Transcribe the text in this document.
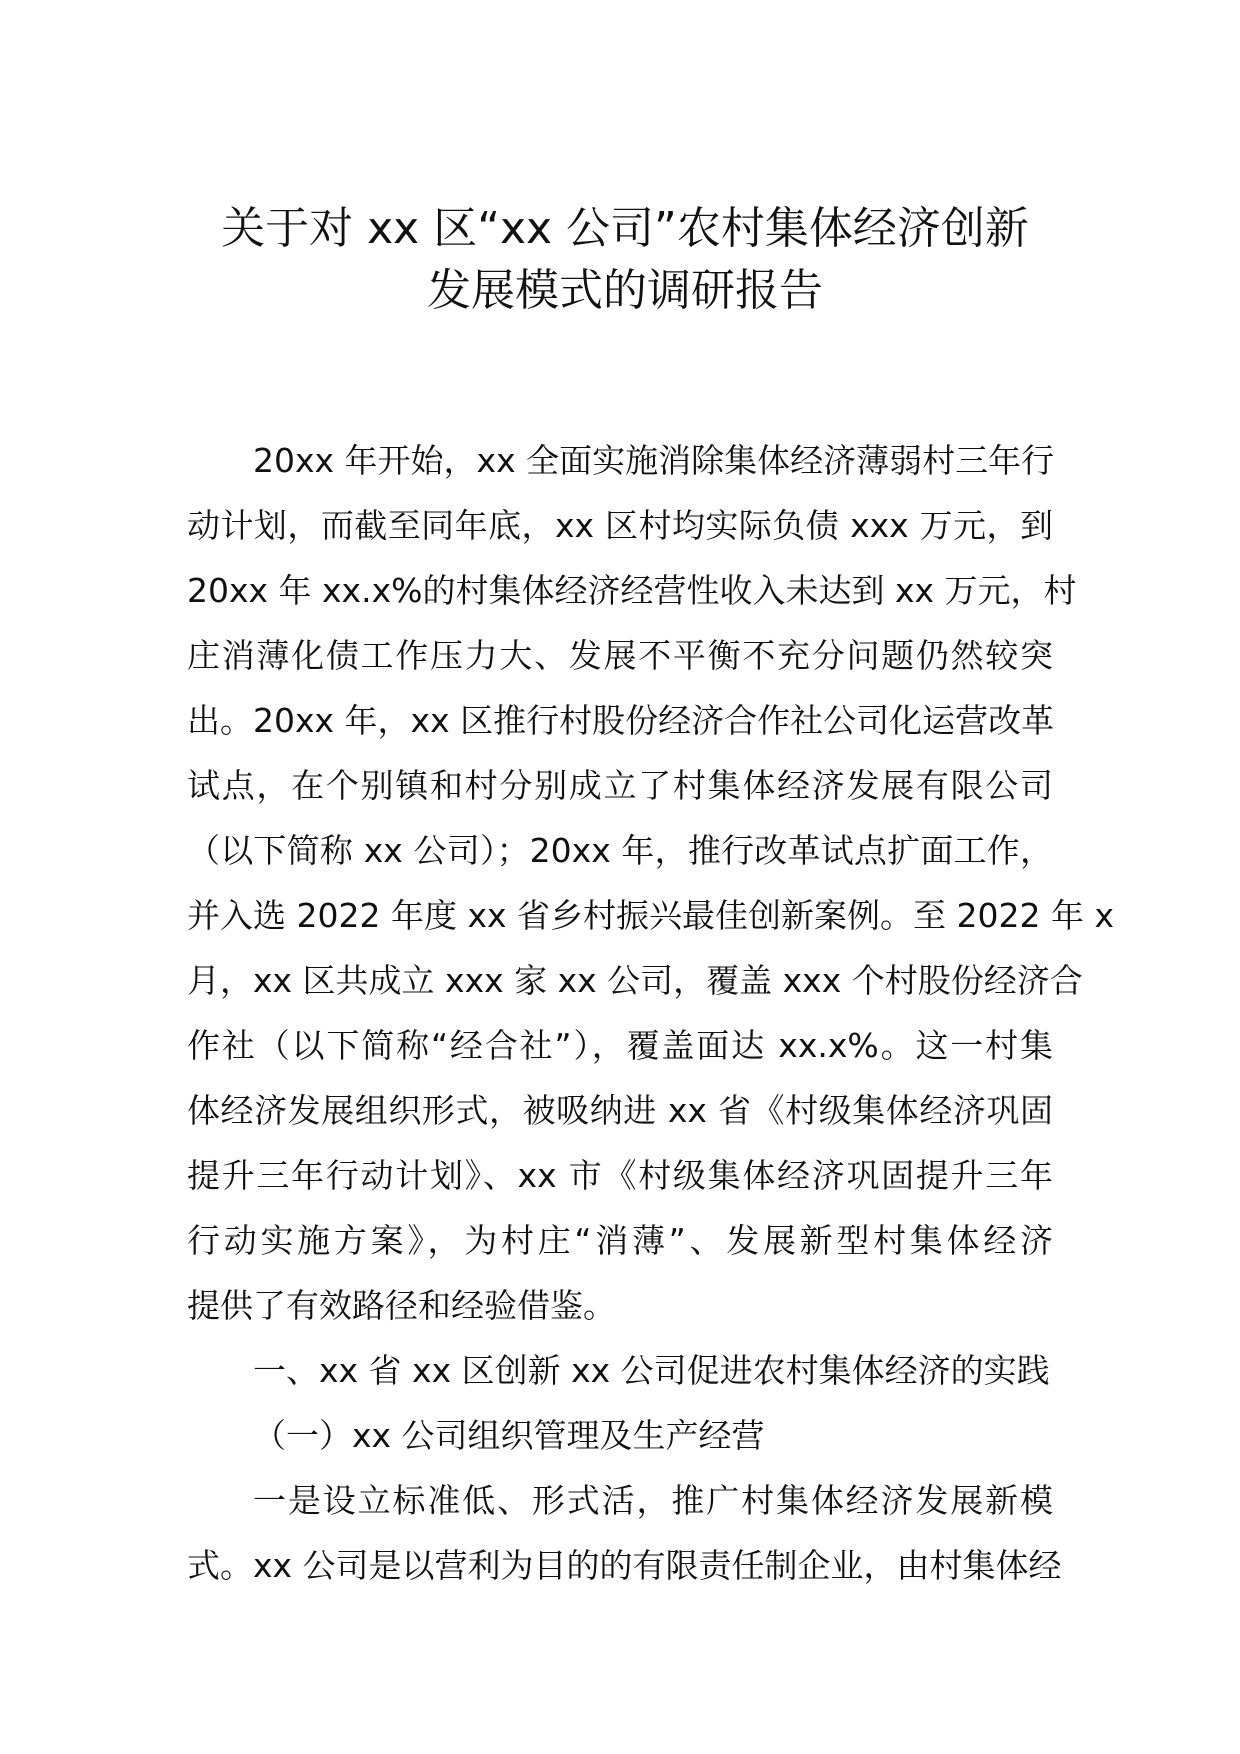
关于对 xx 区“xx 公司”农村集体经济创新
发展模式的调研报告
20xx 年开始，xx 全面实施消除集体经济薄弱村三年行
动计划，而截至同年底，xx 区村均实际负债 xxx 万元，到
20xx 年 xx.x%的村集体经济经营性收入未达到 xx 万元，村
庄消薄化债工作压力大、发展不平衡不充分问题仍然较突
出。20xx 年，xx 区推行村股份经济合作社公司化运营改革
试点，在个别镇和村分别成立了村集体经济发展有限公司
（以下简称 xx 公司）；20xx 年，推行改革试点扩面工作，
并入选 2022 年度 xx 省乡村振兴最佳创新案例。至 2022 年 x
月，xx 区共成立 xxx 家 xx 公司，覆盖 xxx 个村股份经济合
作社（以下简称“经合社”），覆盖面达 xx.x%。这一村集
体经济发展组织形式，被吸纳进 xx 省《村级集体经济巩固
提升三年行动计划》、xx 市《村级集体经济巩固提升三年
行动实施方案》，为村庄“消薄”、发展新型村集体经济
提供了有效路径和经验借鉴。
一、xx 省 xx 区创新 xx 公司促进农村集体经济的实践
（一）xx 公司组织管理及生产经营
一是设立标准低、形式活，推广村集体经济发展新模
式。xx 公司是以营利为目的的有限责任制企业，由村集体经
